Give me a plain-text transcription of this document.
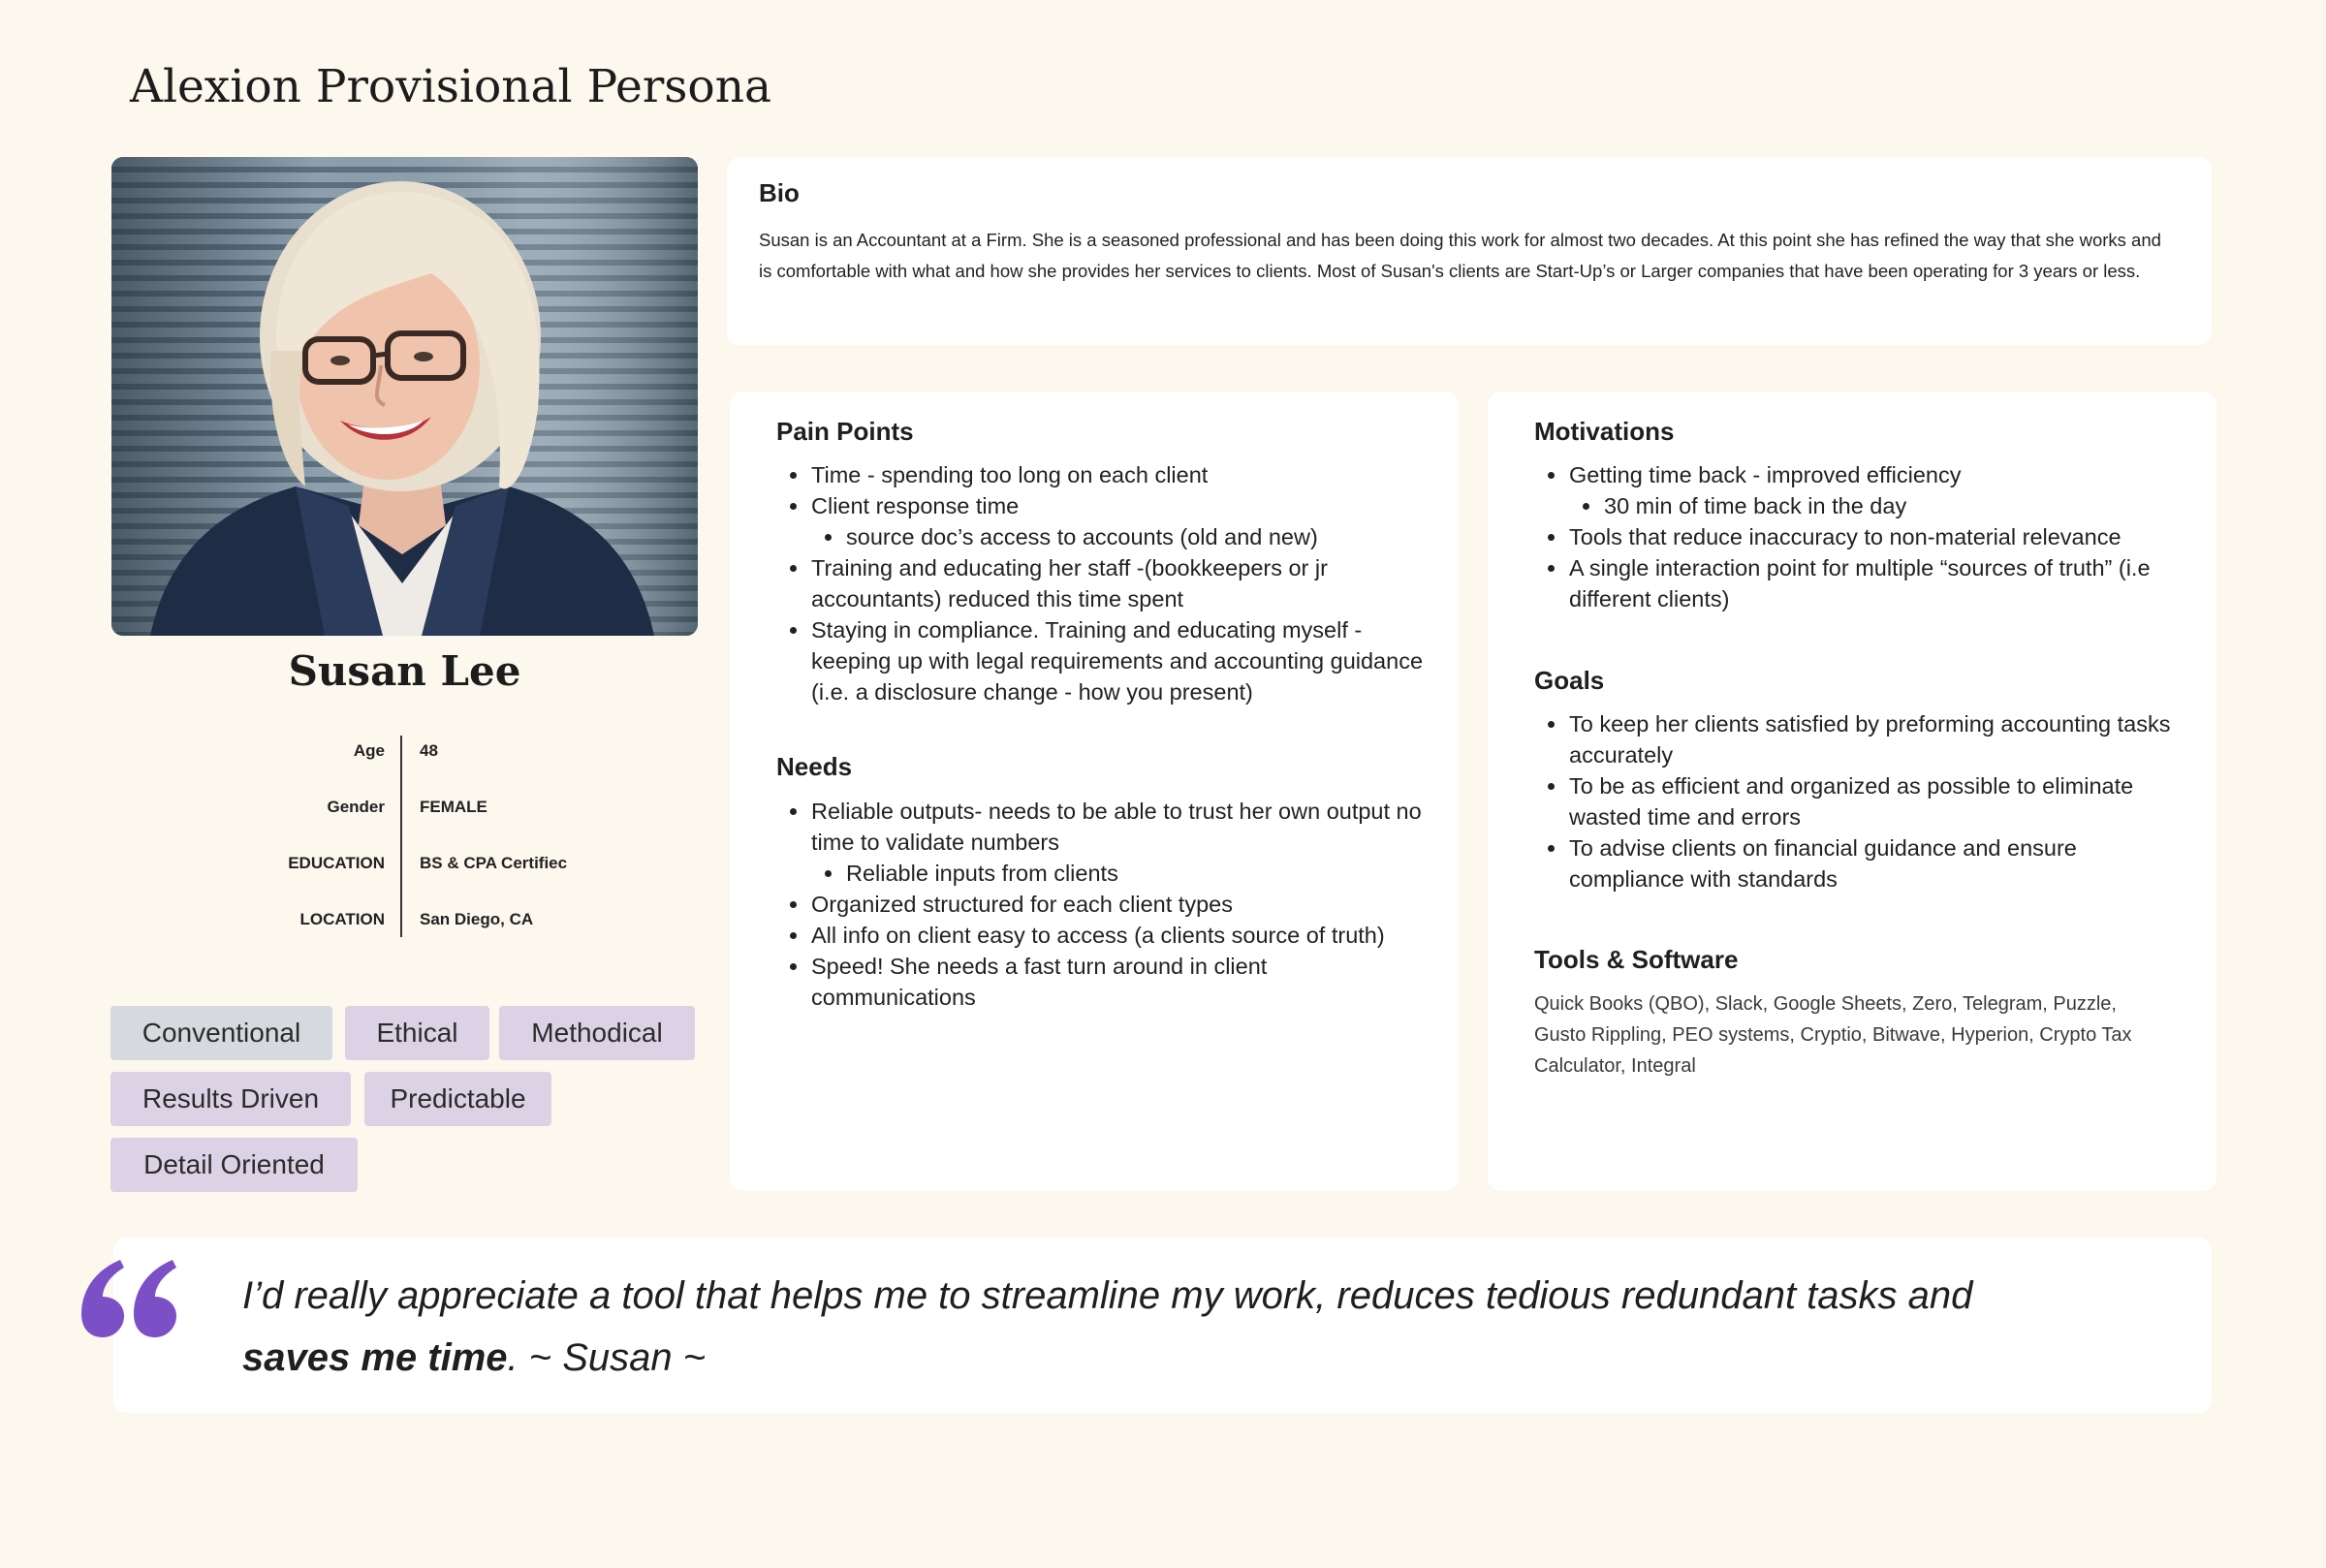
Alexion Provisional Persona
Susan Lee
Age 48
Gender FEMALE
EDUCATION BS & CPA Certifiec
LOCATION San Diego, CA
Conventional	Ethical	Methodical
Results Driven	Predictable
Detail Oriented
Bio

Susan is an Accountant at a Firm. She is a seasoned professional and has been doing this work for almost two decades. At this point she has refined the way that she works and is comfortable with what and how she provides her services to clients. Most of Susan's clients are Start-Up’s or Larger companies that have been operating for 3 years or less.

Pain Points
Time - spending too long on each client
Client response time
source doc’s access to accounts (old and new)
Training and educating her staff -(bookkeepers or jr accountants) reduced this time spent
Staying in compliance. Training and educating myself - keeping up with legal requirements and accounting guidance (i.e. a disclosure change - how you present)
Needs
Reliable outputs- needs to be able to trust her own output no time to validate numbers
Reliable inputs from clients
Organized structured for each client types
All info on client easy to access (a clients source of truth)
Speed! She needs a fast turn around in client communications
Motivations
Getting time back - improved efficiency
30 min of time back in the day
Tools that reduce inaccuracy to non-material relevance
A single interaction point for multiple “sources of truth” (i.e different clients)
Goals
To keep her clients satisfied by preforming accounting tasks accurately
To be as efficient and organized as possible to eliminate wasted time and errors
To advise clients on financial guidance and ensure compliance with standards
Tools & Software

Quick Books (QBO), Slack, Google Sheets, Zero, Telegram, Puzzle, Gusto Rippling, PEO systems, Cryptio, Bitwave, Hyperion, Crypto Tax Calculator, Integral

I’d really appreciate a tool that helps me to streamline my work, reduces tedious redundant tasks and
saves me time. ~ Susan ~
